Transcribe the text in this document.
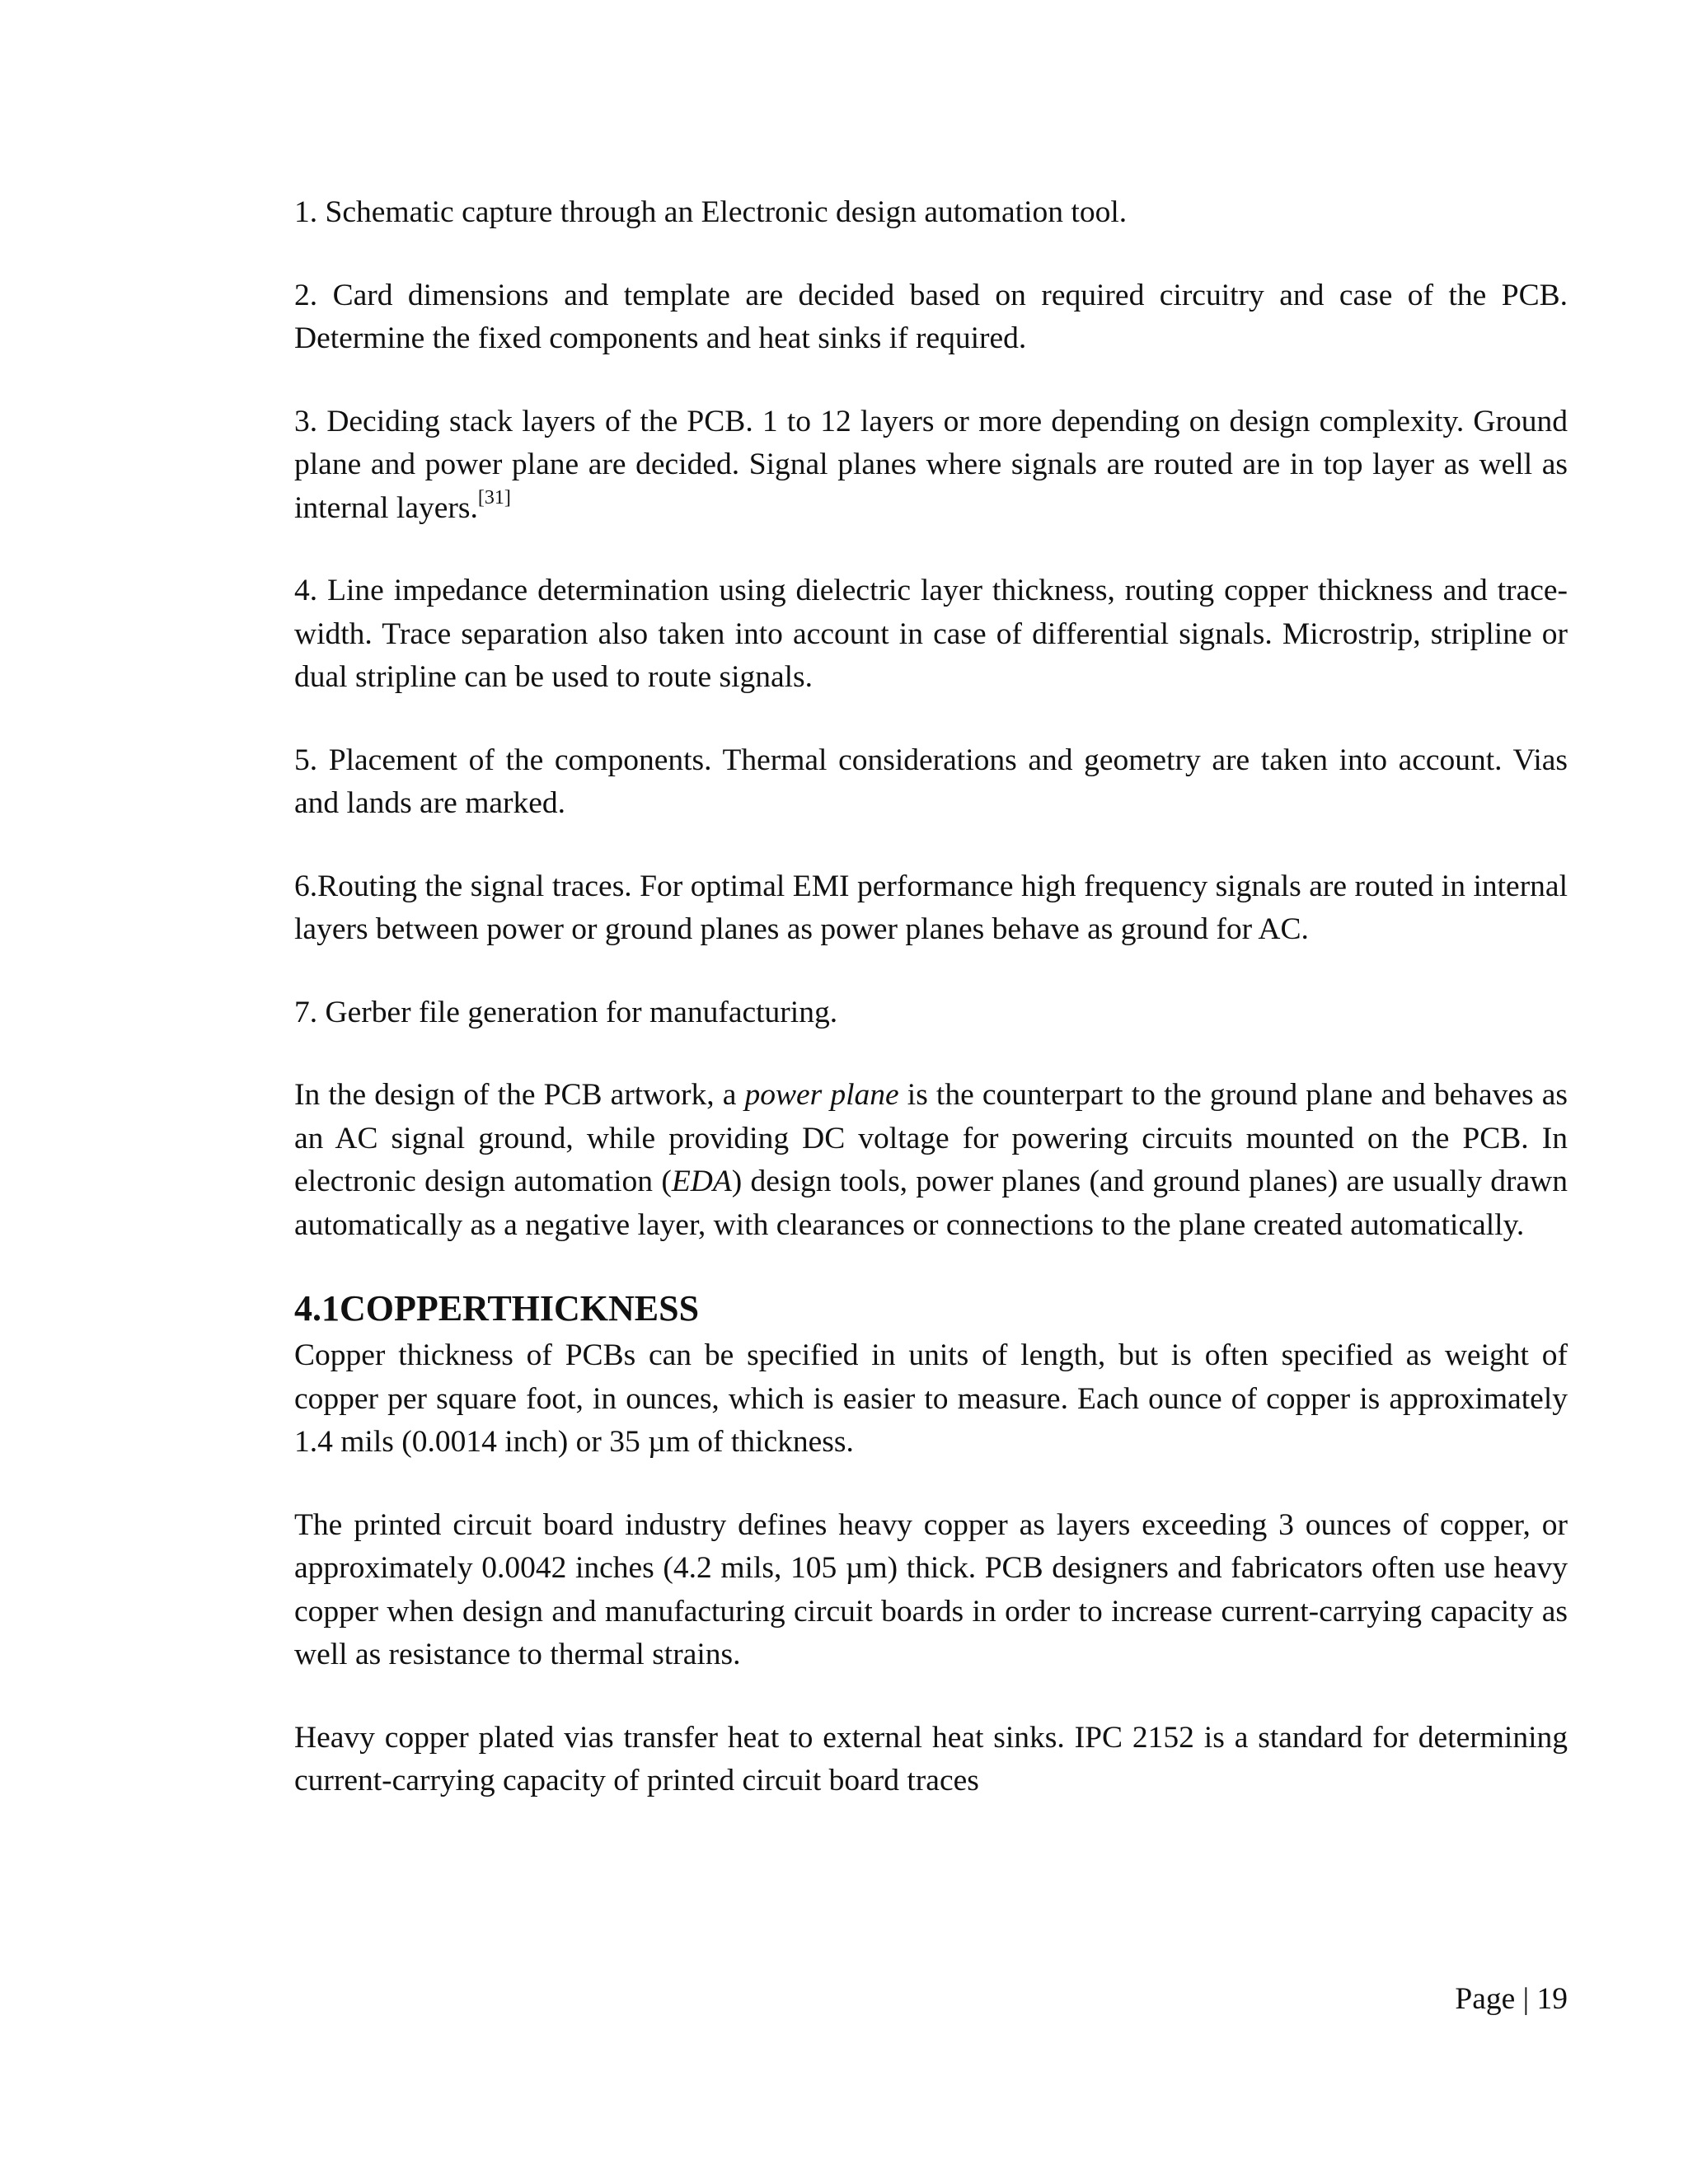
1. Schematic capture through an Electronic design automation tool.

2. Card dimensions and template are decided based on required circuitry and case of the PCB. Determine the fixed components and heat sinks if required.

3. Deciding stack layers of the PCB. 1 to 12 layers or more depending on design complexity. Ground plane and power plane are decided. Signal planes where signals are routed are in top layer as well as internal layers.[31]

4. Line impedance determination using dielectric layer thickness, routing copper thickness and trace-width. Trace separation also taken into account in case of differential signals. Microstrip, stripline or dual stripline can be used to route signals.

5. Placement of the components. Thermal considerations and geometry are taken into account. Vias and lands are marked.

6.Routing the signal traces. For optimal EMI performance high frequency signals are routed in internal layers between power or ground planes as power planes behave as ground for AC.

7. Gerber file generation for manufacturing.

In the design of the PCB artwork, a power plane is the counterpart to the ground plane and behaves as an AC signal ground, while providing DC voltage for powering circuits mounted on the PCB. In electronic design automation (EDA) design tools, power planes (and ground planes) are usually drawn automatically as a negative layer, with clearances or connections to the plane created automatically.

4.1COPPERTHICKNESS

Copper thickness of PCBs can be specified in units of length, but is often specified as weight of copper per square foot, in ounces, which is easier to measure. Each ounce of copper is approximately 1.4 mils (0.0014 inch) or 35 µm of thickness.

The printed circuit board industry defines heavy copper as layers exceeding 3 ounces of copper, or approximately 0.0042 inches (4.2 mils, 105 µm) thick. PCB designers and fabricators often use heavy copper when design and manufacturing circuit boards in order to increase current-carrying capacity as well as resistance to thermal strains.

Heavy copper plated vias transfer heat to external heat sinks. IPC 2152 is a standard for determining current-carrying capacity of printed circuit board traces

Page | 19
